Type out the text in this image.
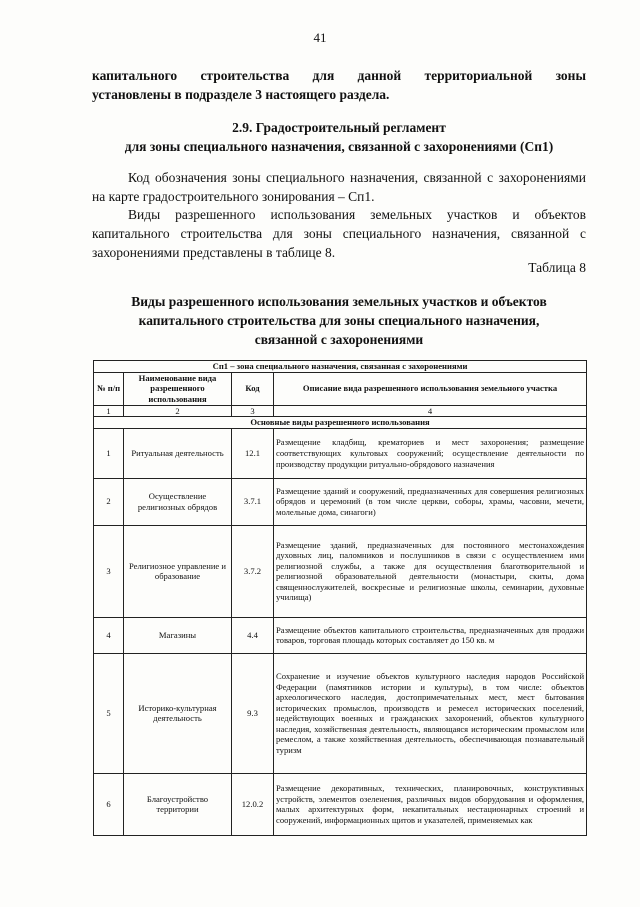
41
капитального строительства для данной территориальной зоны
установлены в подразделе 3 настоящего раздела.
2.9. Градостроительный регламент
для зоны специального назначения, связанной с захоронениями (Сп1)
Код обозначения зоны специального назначения, связанной с захоронениями на карте градостроительного зонирования – Сп1.
Виды разрешенного использования земельных участков и объектов капитального строительства для зоны специального назначения, связанной с захоронениями представлены в таблице 8.
Таблица 8
Виды разрешенного использования земельных участков и объектов
капитального строительства для зоны специального назначения,
связанной с захоронениями
Сп1 – зона специального назначения, связанная с захоронениями			
№ п/п	Наименование вида разрешенного использования	Код	Описание вида разрешенного использования земельного участка
1	2	3	4
Основные виды разрешенного использования			
1	Ритуальная деятельность	12.1	Размещение кладбищ, крематориев и мест захоронения; размещение соответствующих культовых сооружений; осуществление деятельности по производству продукции ритуально-обрядового назначения
2	Осуществление религиозных обрядов	3.7.1	Размещение зданий и сооружений, предназначенных для совершения религиозных обрядов и церемоний (в том числе церкви, соборы, храмы, часовни, мечети, молельные дома, синагоги)
3	Религиозное управление и образование	3.7.2	Размещение зданий, предназначенных для постоянного местонахождения духовных лиц, паломников и послушников в связи с осуществлением ими религиозной службы, а также для осуществления благотворительной и религиозной образовательной деятельности (монастыри, скиты, дома священнослужителей, воскресные и религиозные школы, семинарии, духовные училища)
4	Магазины	4.4	Размещение объектов капитального строительства, предназначенных для продажи товаров, торговая площадь которых составляет до 150 кв. м
5	Историко-культурная деятельность	9.3	Сохранение и изучение объектов культурного наследия народов Российской Федерации (памятников истории и культуры), в том числе: объектов археологического наследия, достопримечательных мест, мест бытования исторических промыслов, производств и ремесел исторических поселений, недействующих военных и гражданских захоронений, объектов культурного наследия, хозяйственная деятельность, являющаяся историческим промыслом или ремеслом, а также хозяйственная деятельность, обеспечивающая познавательный туризм
6	Благоустройство территории	12.0.2	Размещение декоративных, технических, планировочных, конструктивных устройств, элементов озеленения, различных видов оборудования и оформления, малых архитектурных форм, некапитальных нестационарных строений и сооружений, информационных щитов и указателей, применяемых как
